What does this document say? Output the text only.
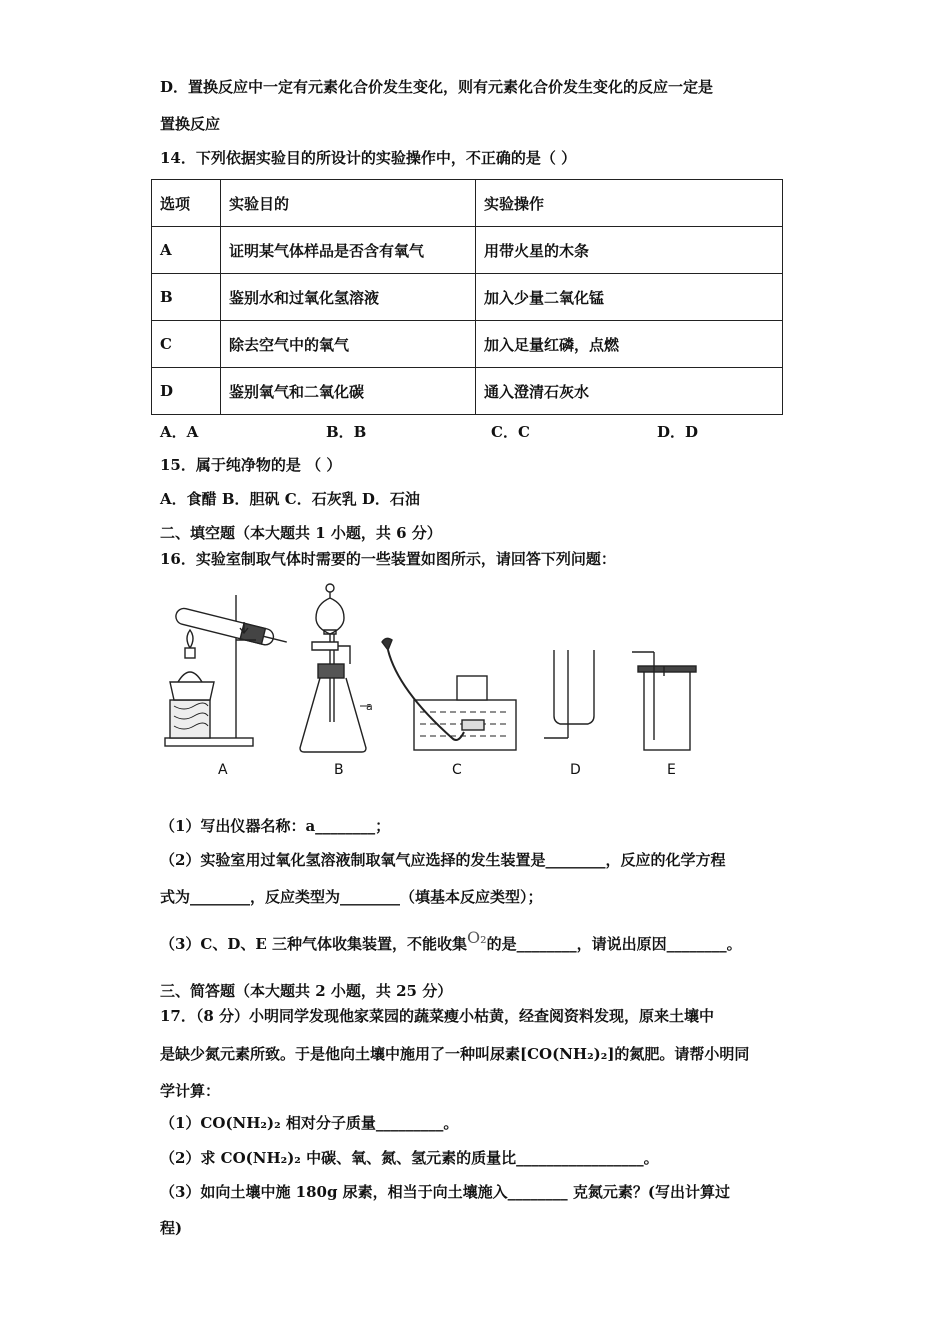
D．置换反应中一定有元素化合价发生变化，则有元素化合价发生变化的反应一定是
置换反应
14．下列依据实验目的所设计的实验操作中，不正确的是（ ）
选项	实验目的	实验操作
A	证明某气体样品是否含有氧气	用带火星的木条
B	鉴别水和过氧化氢溶液	加入少量二氧化锰
C	除去空气中的氧气	加入足量红磷，点燃
D	鉴别氧气和二氧化碳	通入澄清石灰水
A．A	B．B	C．C	D．D
15．属于纯净物的是 （ ）
A．食醋 B．胆矾 C．石灰乳 D．石油
二、填空题（本大题共 1 小题，共 6 分）
16．实验室制取气体时需要的一些装置如图所示，请回答下列问题：
a
A	B	C	D	E
（1）写出仪器名称：a________；
（2）实验室用过氧化氢溶液制取氧气应选择的发生装置是________，反应的化学方程
式为________，反应类型为________（填基本反应类型）；
（3）C、D、E 三种气体收集装置，不能收集O₂的是________，请说出原因________。
三、简答题（本大题共 2 小题，共 25 分）
17．（8 分）小明同学发现他家菜园的蔬菜瘦小枯黄，经查阅资料发现，原来土壤中
是缺少氮元素所致。于是他向土壤中施用了一种叫尿素[CO(NH₂)₂]的氮肥。请帮小明同
学计算：
（1）CO(NH₂)₂ 相对分子质量_________。
（2）求 CO(NH₂)₂ 中碳、氧、氮、氢元素的质量比_________________。
（3）如向土壤中施 180g 尿素，相当于向土壤施入________ 克氮元素？(写出计算过
程)
